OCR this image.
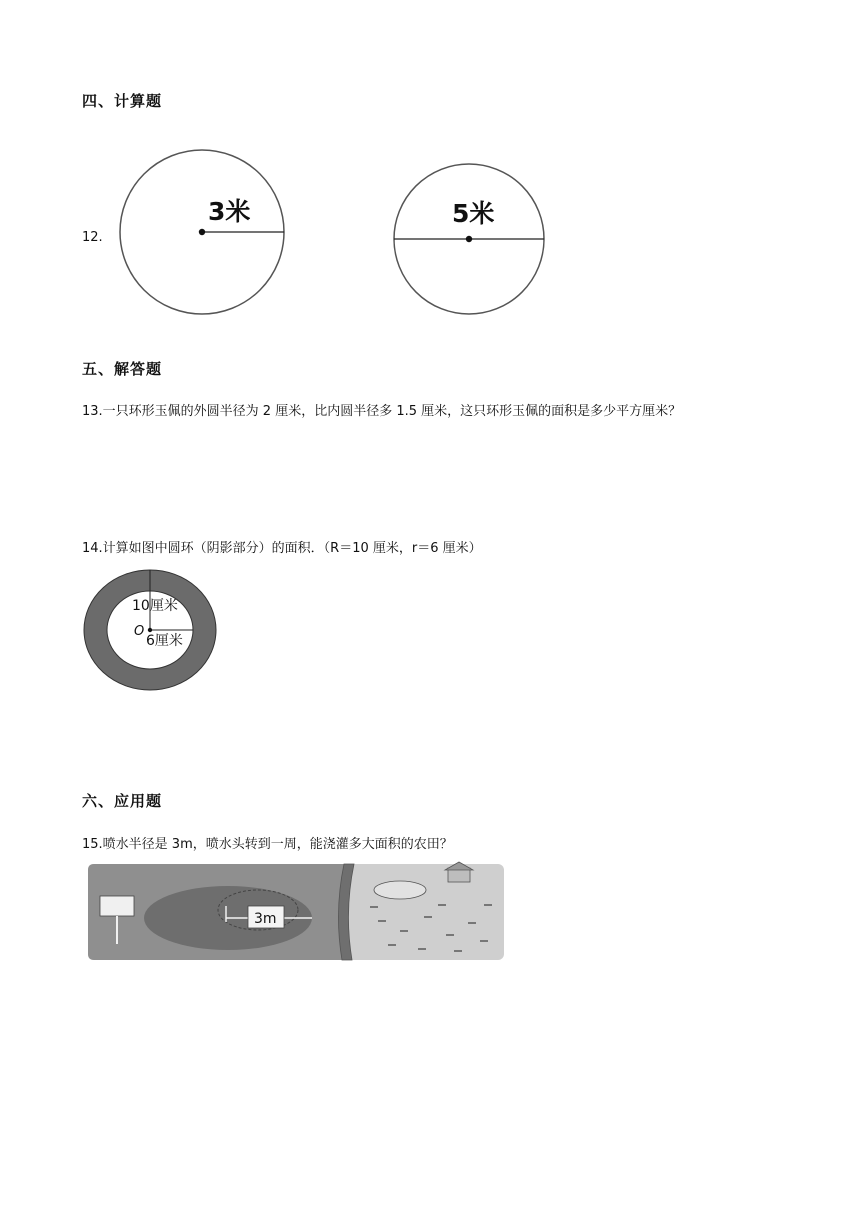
四、计算题
12.
3米	5米
五、解答题
13.一只环形玉佩的外圆半径为 2 厘米，比内圆半径多 1.5 厘米，这只环形玉佩的面积是多少平方厘米？
14.计算如图中圆环（阴影部分）的面积．（R＝10 厘米，r＝6 厘米）
O
10厘米
6厘米
六、应用题
15.喷水半径是 3m，喷水头转到一周，能浇灌多大面积的农田？
3m
